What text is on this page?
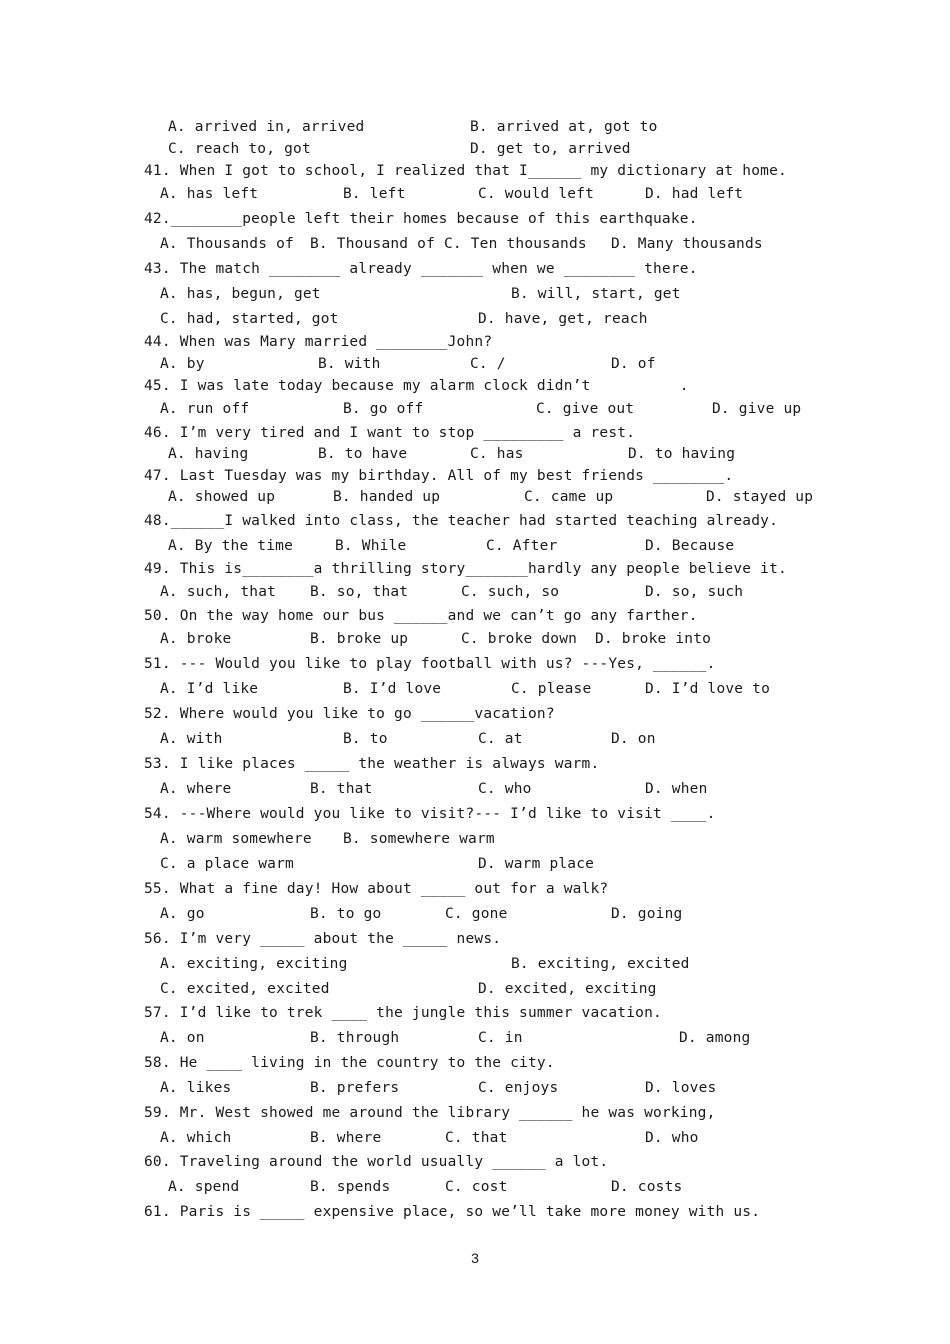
A. arrived in, arrived	B. arrived at, got to
C. reach to, got	D. get to, arrived
41. When I got to school, I realized that I______ my dictionary at home.
A. has left	B. left	C. would left	D. had left
42.________people left their homes because of this earthquake.
A. Thousands of B. Thousand of C. Ten thousands D. Many thousands
43. The match ________ already _______ when we ________ there.
A. has, begun, get	B. will, start, get
C. had, started, got	D. have, get, reach
44. When was Mary married ________John?
A. by	B. with	C. /	D. of
45. I was late today because my alarm clock didn’t          .
A. run off	B. go off	C. give out	D. give up
46. I’m very tired and I want to stop _________ a rest.
A. having	B. to have	C. has	D. to having
47. Last Tuesday was my birthday. All of my best friends ________.
A. showed up	B. handed up	C. came up	D. stayed up
48.______I walked into class, the teacher had started teaching already.
A. By the time	B. While	C. After	D. Because
49. This is________a thrilling story_______hardly any people believe it.
A. such, that B. so, that	C. such, so	D. so, such
50. On the way home our bus ______and we can’t go any farther.
A. broke	B. broke up	C. broke down D. broke into
51. --- Would you like to play football with us? ---Yes, ______.
A. I’d like	B. I’d love	C. please	D. I’d love to
52. Where would you like to go ______vacation?
A. with	B. to	C. at	D. on
53. I like places _____ the weather is always warm.
A. where	B. that	C. who	D. when
54. ---Where would you like to visit?--- I’d like to visit ____.
A. warm somewhere B. somewhere warm
C. a place warm	D. warm place
55. What a fine day! How about _____ out for a walk?
A. go	B. to go	C. gone	D. going
56. I’m very _____ about the _____ news.
A. exciting, exciting	B. exciting, excited
C. excited, excited	D. excited, exciting
57. I’d like to trek ____ the jungle this summer vacation.
A. on	B. through	C. in	D. among
58. He ____ living in the country to the city.
A. likes	B. prefers	C. enjoys	D. loves
59. Mr. West showed me around the library ______ he was working,
A. which	B. where	C. that	D. who
60. Traveling around the world usually ______ a lot.
A. spend	B. spends	C. cost	D. costs
61. Paris is _____ expensive place, so we’ll take more money with us.
3
